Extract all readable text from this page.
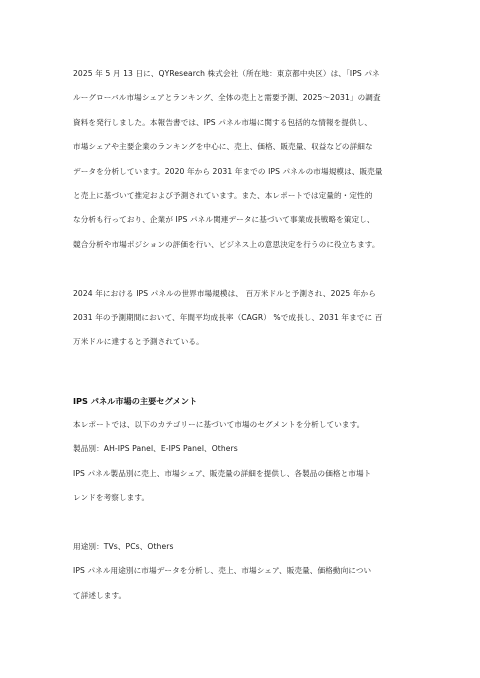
2025 年 5 月 13 日に、QYResearch 株式会社（所在地：東京都中央区）は、「IPS パネ
ルーグローバル市場シェアとランキング、全体の売上と需要予測、2025～2031」の調査
資料を発行しました。本報告書では、IPS パネル市場に関する包括的な情報を提供し、
市場シェアや主要企業のランキングを中心に、売上、価格、販売量、収益などの詳細な
データを分析しています。2020 年から 2031 年までの IPS パネルの市場規模は、販売量
と売上に基づいて推定および予測されています。また、本レポートでは定量的・定性的
な分析も行っており、企業が IPS パネル関連データに基づいて事業成長戦略を策定し、
競合分析や市場ポジションの評価を行い、ビジネス上の意思決定を行うのに役立ちます。
2024 年における IPS パネルの世界市場規模は、 百万米ドルと予測され、2025 年から
2031 年の予測期間において、年間平均成長率（CAGR） %で成長し、2031 年までに 百
万米ドルに達すると予測されている。
IPS パネル市場の主要セグメント
本レポートでは、以下のカテゴリーに基づいて市場のセグメントを分析しています。
製品別：AH-IPS Panel、E-IPS Panel、Others
IPS パネル製品別に売上、市場シェア、販売量の詳細を提供し、各製品の価格と市場ト
レンドを考察します。
用途別：TVs、PCs、Others
IPS パネル用途別に市場データを分析し、売上、市場シェア、販売量、価格動向につい
て詳述します。
